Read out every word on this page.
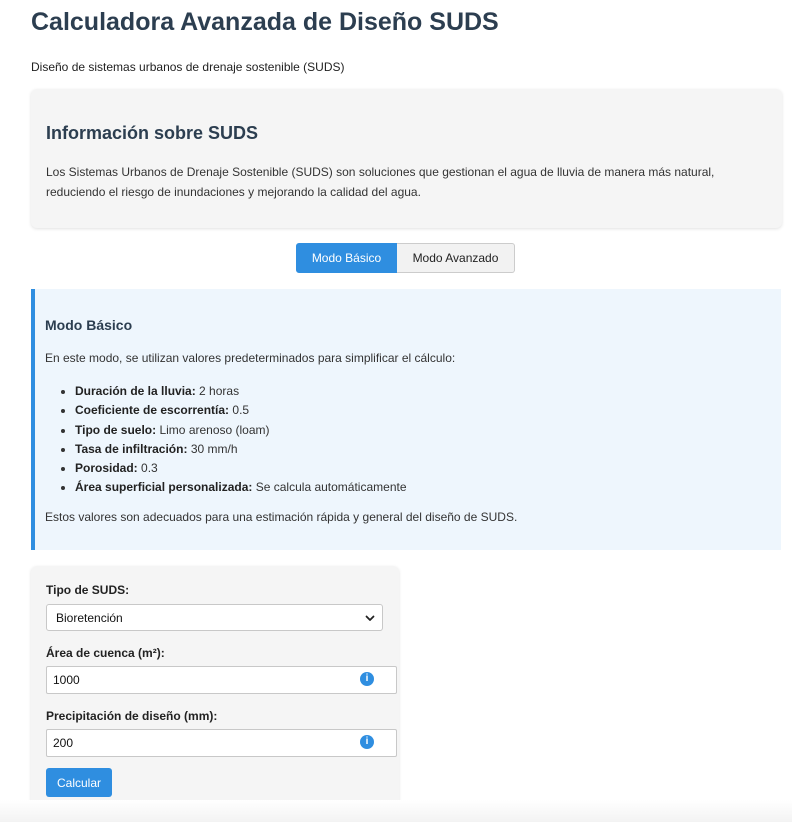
Calculadora Avanzada de Diseño SUDS

Diseño de sistemas urbanos de drenaje sostenible (SUDS)

Información sobre SUDS

Los Sistemas Urbanos de Drenaje Sostenible (SUDS) son soluciones que gestionan el agua de lluvia de manera más natural, reduciendo el riesgo de inundaciones y mejorando la calidad del agua.

Modo Básico	Modo Avanzado
Modo Básico

En este modo, se utilizan valores predeterminados para simplificar el cálculo:

• Duración de la lluvia: 2 horas
• Coeficiente de escorrentía: 0.5
• Tipo de suelo: Limo arenoso (loam)
• Tasa de infiltración: 30 mm/h
• Porosidad: 0.3
• Área superficial personalizada: Se calcula automáticamente

Estos valores son adecuados para una estimación rápida y general del diseño de SUDS.

Tipo de SUDS:
Bioretención
Área de cuenca (m²):
1000	i
Precipitación de diseño (mm):
200	i
Calcular
